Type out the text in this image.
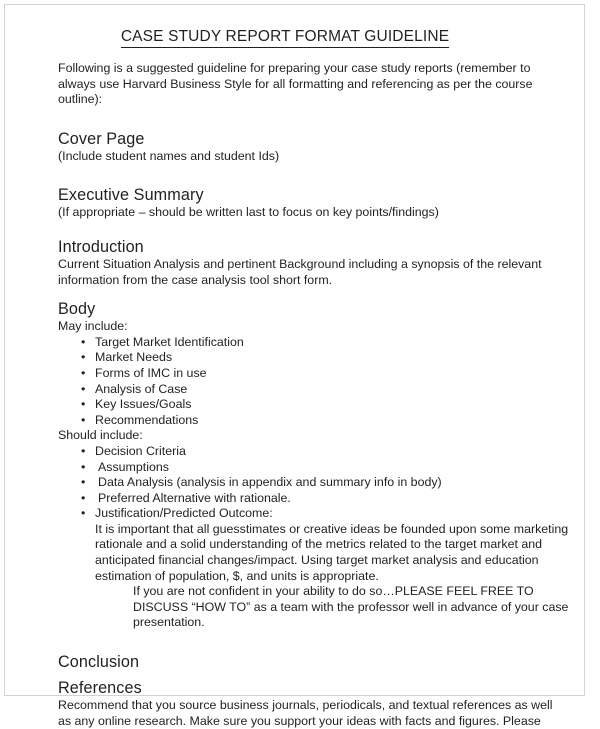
CASE STUDY REPORT FORMAT GUIDELINE

Following is a suggested guideline for preparing your case study reports (remember to always use Harvard Business Style for all formatting and referencing as per the course outline):

Cover Page

(Include student names and student Ids)

Executive Summary

(If appropriate – should be written last to focus on key points/findings)

Introduction

Current Situation Analysis and pertinent Background including a synopsis of the relevant information from the case analysis tool short form.

Body

May include:

• Target Market Identification
• Market Needs
• Forms of IMC in use
• Analysis of Case
• Key Issues/Goals
• Recommendations

Should include:

• Decision Criteria
• Assumptions
• Data Analysis (analysis in appendix and summary info in body)
• Preferred Alternative with rationale.
• Justification/Predicted Outcome:

It is important that all guesstimates or creative ideas be founded upon some marketing rationale and a solid understanding of the metrics related to the target market and anticipated financial changes/impact. Using target market analysis and education estimation of population, $, and units is appropriate.

If you are not confident in your ability to do so…PLEASE FEEL FREE TO DISCUSS “HOW TO” as a team with the professor well in advance of your case presentation.

Conclusion
References

Recommend that you source business journals, periodicals, and textual references as well

as any online research. Make sure you support your ideas with facts and figures. Please
